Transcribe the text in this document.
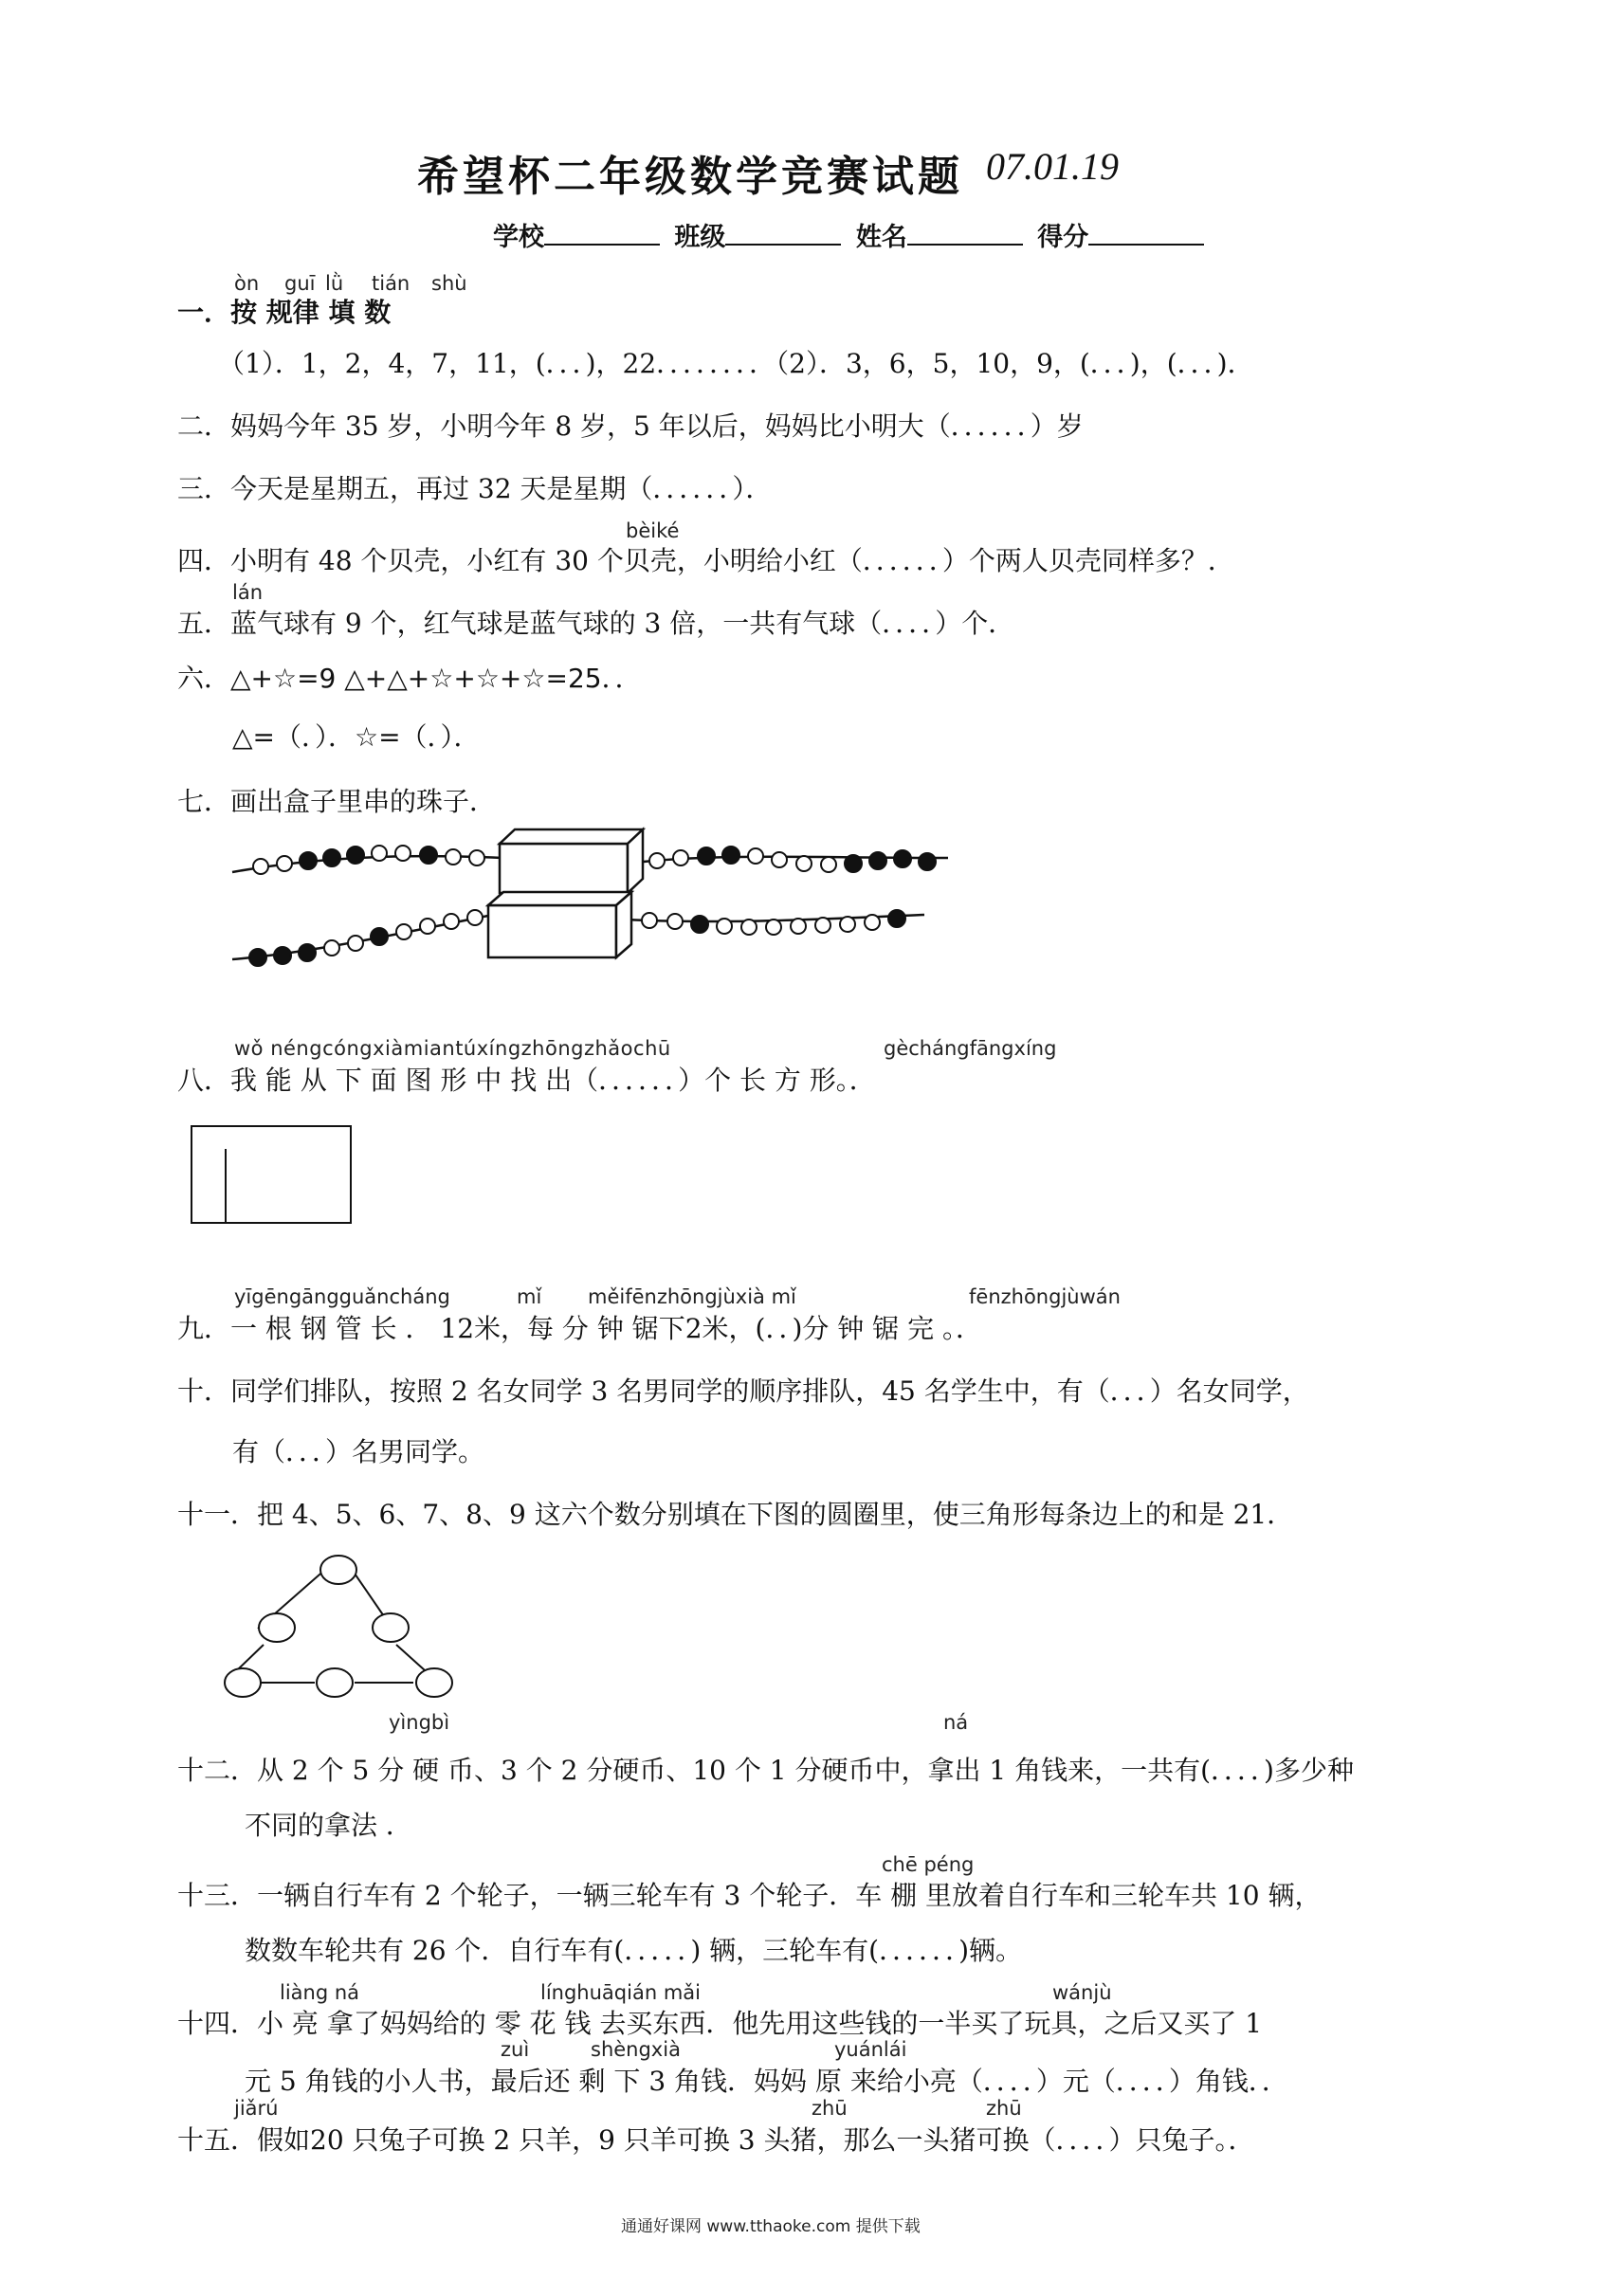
希望杯二年级数学竞赛试题 07.01.19
学校	班级	姓名	得分
òn guī lǜ tián shù
一．按 规律 填 数
（1）．1，2，4，7，11，(．．．)，22．．．．．．．．（2）．3，6，5，10，9，(．．．)，(．．．)．
二．妈妈今年 35 岁，小明今年 8 岁，5 年以后，妈妈比小明大（．．．．．．）岁
三．今天是星期五，再过 32 天是星期（．．．．．．）．
bèiké
四．小明有 48 个贝壳，小红有 30 个贝壳，小明给小红（．．．．．．）个两人贝壳同样多？．
lán
五．蓝气球有 9 个，红气球是蓝气球的 3 倍，一共有气球（．．．．）个．
六．△+☆=9 △+△+☆+☆+☆=25．．
△=（．）．☆=（．）．
七．画出盒子里串的珠子．
wǒ néngcóngxiàmiantúxíngzhōngzhǎochū	gèchángfāngxíng
八．我 能 从 下 面 图 形 中 找 出（．．．．．．）个 长 方 形。．
yīgēngāngguǎncháng	mǐ měifēnzhōngjùxià mǐ	fēnzhōngjùwán
九．一 根 钢 管 长 ． 12米，每 分 钟 锯下2米，(．．)分 钟 锯 完 。．
十．同学们排队，按照 2 名女同学 3 名男同学的顺序排队，45 名学生中，有（．．．）名女同学，
有（．．．）名男同学。
十一．把 4、5、6、7、8、9 这六个数分别填在下图的圆圈里，使三角形每条边上的和是 21．
yìngbì	ná
十二．从 2 个 5 分 硬 币、3 个 2 分硬币、10 个 1 分硬币中，拿出 1 角钱来，一共有(．．．．)多少种
不同的拿法 ．
chē péng
十三．一辆自行车有 2 个轮子，一辆三轮车有 3 个轮子．车 棚 里放着自行车和三轮车共 10 辆，
数数车轮共有 26 个．自行车有(．．．．．) 辆，三轮车有(．．．．．．)辆。
liàng ná	línghuāqián mǎi	wánjù
十四．小 亮 拿了妈妈给的 零 花 钱 去买东西．他先用这些钱的一半买了玩具，之后又买了 1
zuì	shèngxià	yuánlái
元 5 角钱的小人书，最后还 剩 下 3 角钱．妈妈 原 来给小亮（．．．．）元（．．．．）角钱．．
jiǎrú	zhū	zhū
十五．假如20 只兔子可换 2 只羊，9 只羊可换 3 头猪，那么一头猪可换（．．．．）只兔子。．
通通好课网 www.tthaoke.com 提供下载
